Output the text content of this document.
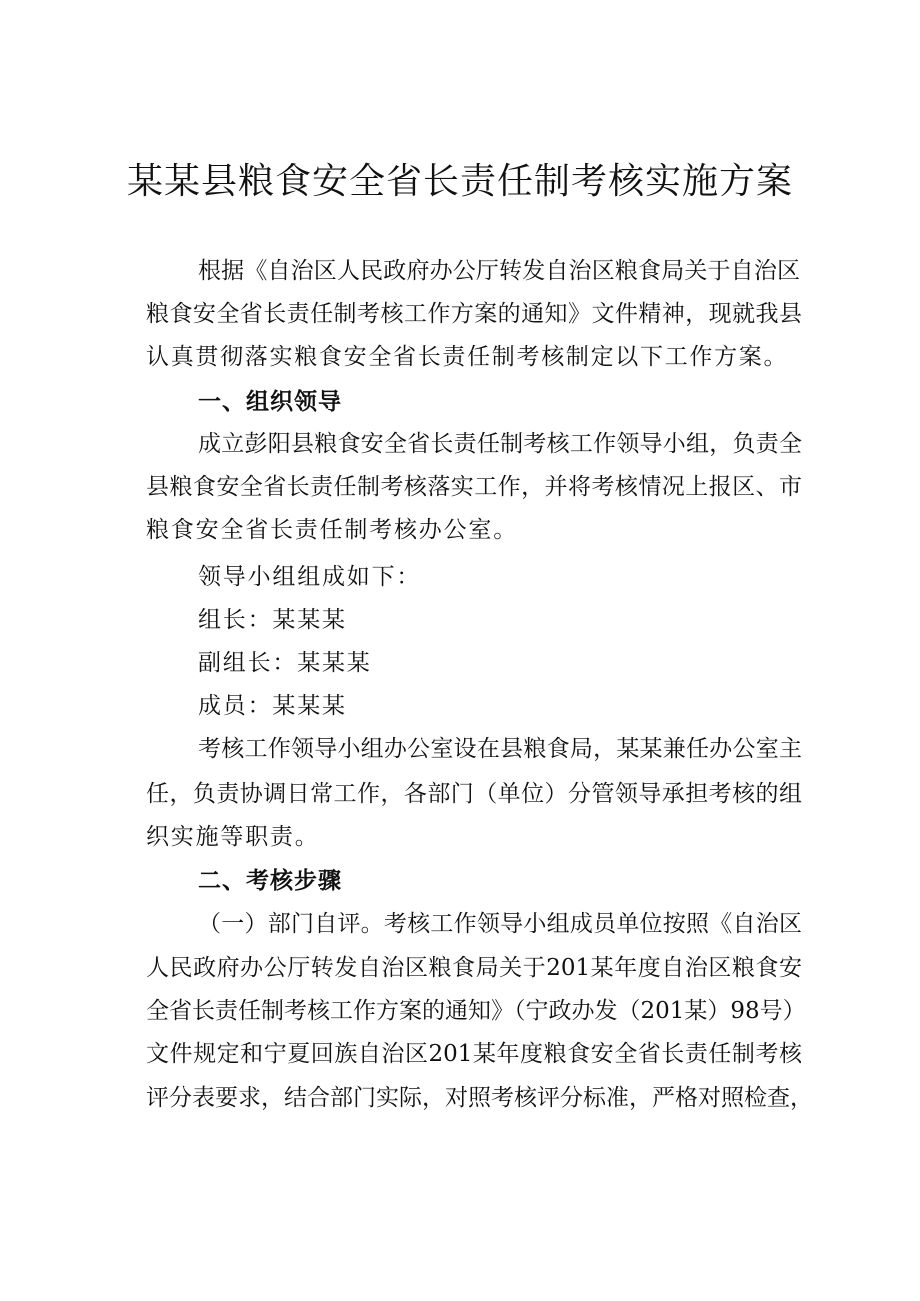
某某县粮食安全省长责任制考核实施方案
根据《自治区人民政府办公厅转发自治区粮食局关于自治区
粮食安全省长责任制考核工作方案的通知》文件精神，现就我县
认真贯彻落实粮食安全省长责任制考核制定以下工作方案。
一、组织领导
成立彭阳县粮食安全省长责任制考核工作领导小组，负责全
县粮食安全省长责任制考核落实工作，并将考核情况上报区、市
粮食安全省长责任制考核办公室。
领导小组组成如下：
组长：某某某
副组长：某某某
成员：某某某
考核工作领导小组办公室设在县粮食局，某某兼任办公室主
任，负责协调日常工作，各部门（单位）分管领导承担考核的组
织实施等职责。
二、考核步骤
（一）部门自评。考核工作领导小组成员单位按照《自治区
人民政府办公厅转发自治区粮食局关于201某年度自治区粮食安
全省长责任制考核工作方案的通知》（宁政办发（201某）98号）
文件规定和宁夏回族自治区201某年度粮食安全省长责任制考核
评分表要求，结合部门实际，对照考核评分标准，严格对照检查，
